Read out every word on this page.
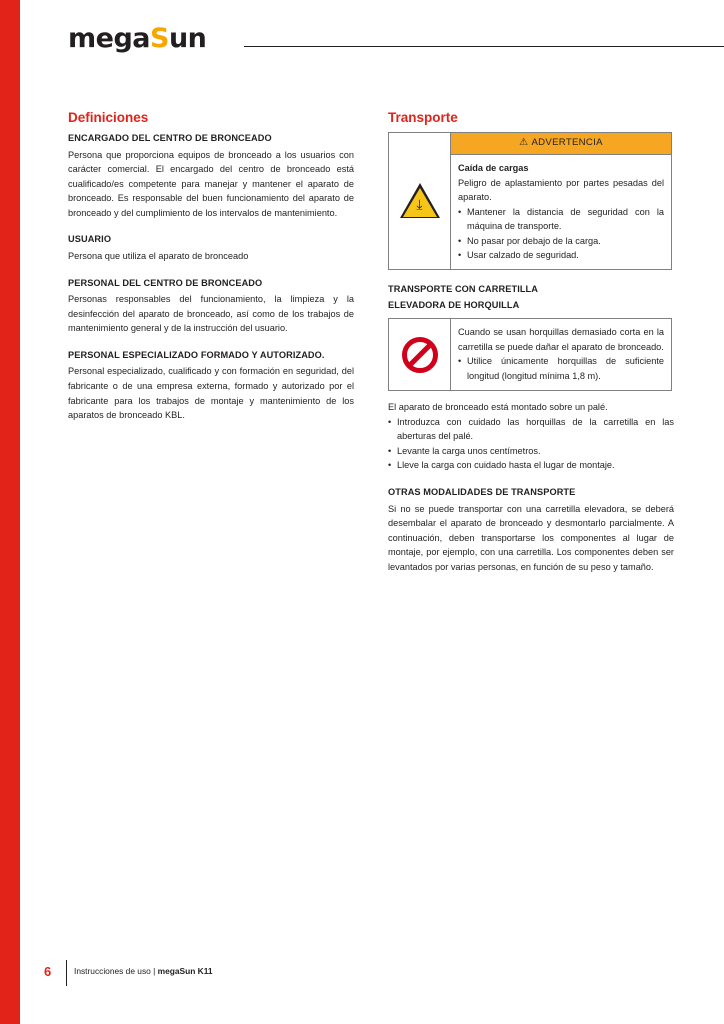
megaSun
Definiciones
ENCARGADO DEL CENTRO DE BRONCEADO

Persona que proporciona equipos de bronceado a los usuarios con carácter comercial. El encargado del centro de bronceado está cualificado/es competente para manejar y mantener el aparato de bronceado. Es responsable del buen funcionamiento del aparato de bronceado y del cumplimiento de los intervalos de mantenimiento.

USUARIO

Persona que utiliza el aparato de bronceado

PERSONAL DEL CENTRO DE BRONCEADO

Personas responsables del funcionamiento, la limpieza y la desinfección del aparato de bronceado, así como de los trabajos de mantenimiento general y de la instrucción del usuario.

PERSONAL ESPECIALIZADO FORMADO Y AUTORIZADO.

Personal especializado, cualificado y con formación en seguridad, del fabricante o de una empresa externa, formado y autorizado por el fabricante para los trabajos de montaje y mantenimiento de los aparatos de bronceado KBL.

Transporte
⤓
⚠ ADVERTENCIA
Caída de cargas
Peligro de aplastamiento por partes pesadas del aparato.
• Mantener la distancia de seguridad con la máquina de transporte.
• No pasar por debajo de la carga.
• Usar calzado de seguridad.
TRANSPORTE CON CARRETILLA
ELEVADORA DE HORQUILLA
Cuando se usan horquillas demasiado corta en la carretilla se puede dañar el aparato de bronceado.
• Utilice únicamente horquillas de suficiente longitud (longitud mínima 1,8 m).

El aparato de bronceado está montado sobre un palé.

• Introduzca con cuidado las horquillas de la carretilla en las aberturas del palé.
• Levante la carga unos centímetros.
• Lleve la carga con cuidado hasta el lugar de montaje.
OTRAS MODALIDADES DE TRANSPORTE

Si no se puede transportar con una carretilla elevadora, se deberá desembalar el aparato de bronceado y desmontarlo parcialmente. A continuación, deben transportarse los componentes al lugar de montaje, por ejemplo, con una carretilla. Los componentes deben ser levantados por varias personas, en función de su peso y tamaño.

6	Instrucciones de uso | megaSun K11
